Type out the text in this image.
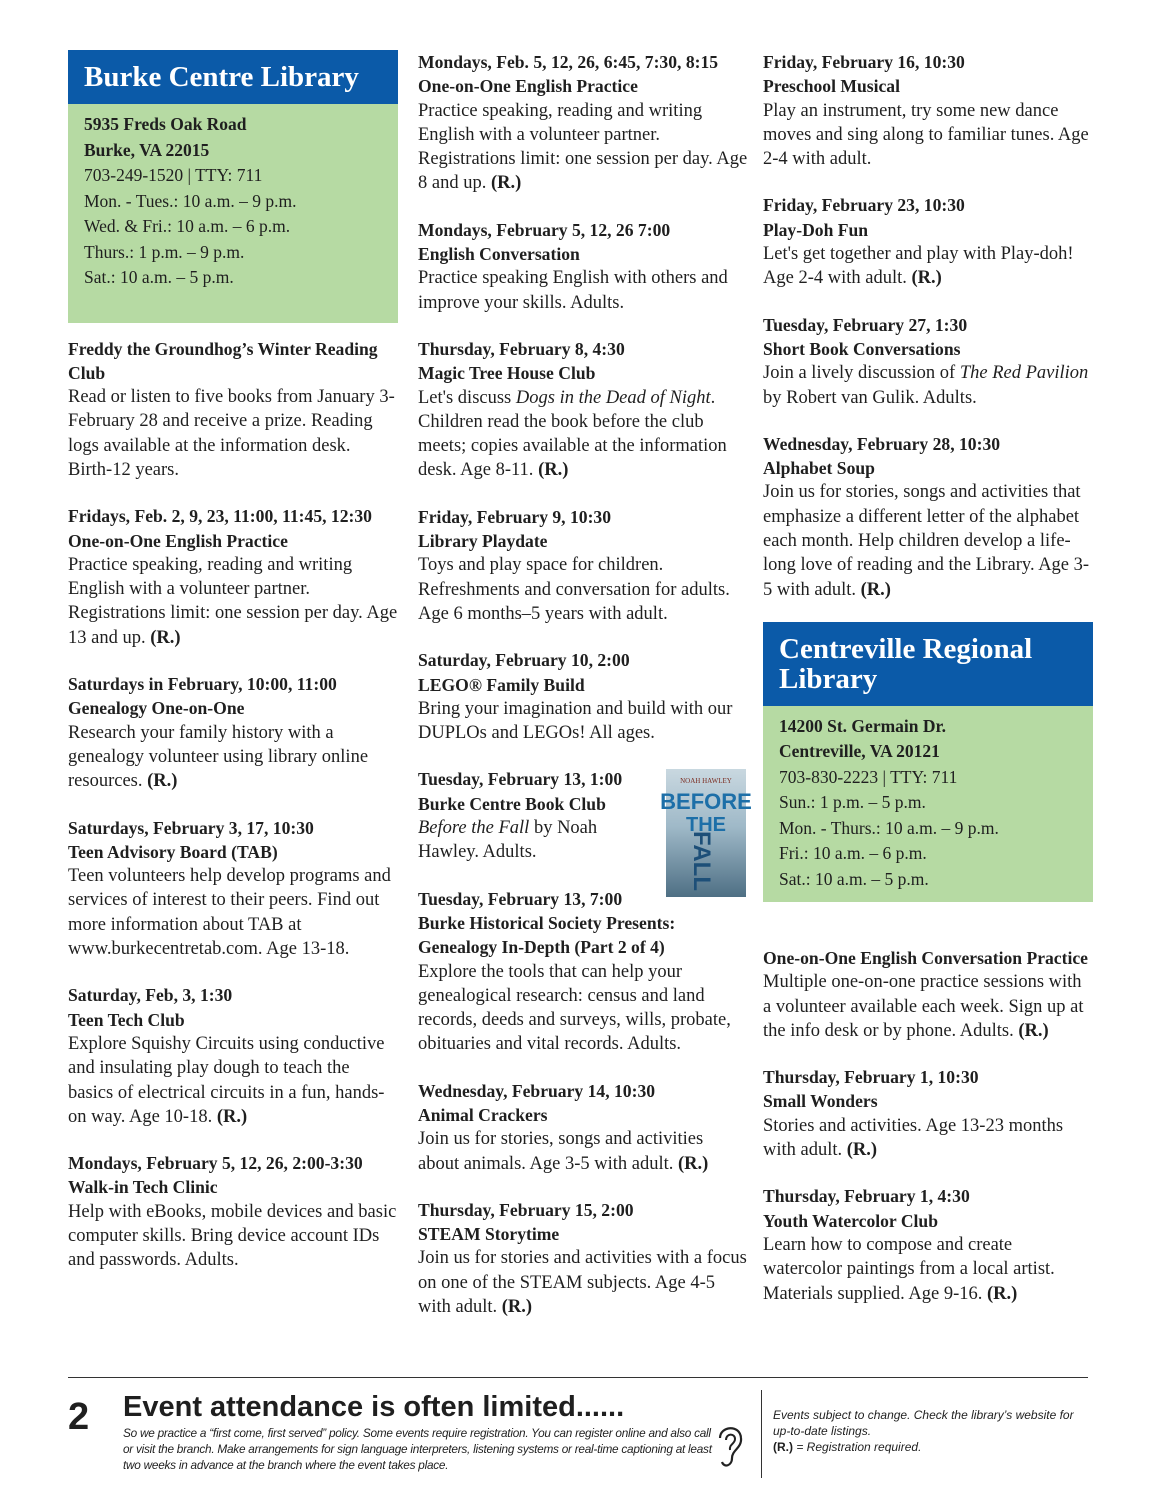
Burke Centre Library
5935 Freds Oak Road
Burke, VA 22015
703-249-1520 | TTY: 711
Mon. - Tues.: 10 a.m. – 9 p.m.
Wed. & Fri.: 10 a.m. – 6 p.m.
Thurs.: 1 p.m. – 9 p.m.
Sat.: 10 a.m. – 5 p.m.
Freddy the Groundhog’s Winter Reading Club

Read or listen to five books from January 3-February 28 and receive a prize. Reading logs available at the information desk. Birth-12 years.

Fridays, Feb. 2, 9, 23, 11:00, 11:45, 12:30
One-on-One English Practice

Practice speaking, reading and writing English with a volunteer partner. Registrations limit: one session per day. Age 13 and up. (R.)

Saturdays in February, 10:00, 11:00
Genealogy One-on-One

Research your family history with a genealogy volunteer using library online resources. (R.)

Saturdays, February 3, 17, 10:30
Teen Advisory Board (TAB)

Teen volunteers help develop programs and services of interest to their peers. Find out more information about TAB at www.burkecentretab.com. Age 13-18.

Saturday, Feb, 3, 1:30
Teen Tech Club

Explore Squishy Circuits using conductive and insulating play dough to teach the basics of electrical circuits in a fun, hands-on way. Age 10-18. (R.)

Mondays, February 5, 12, 26, 2:00-3:30
Walk-in Tech Clinic

Help with eBooks, mobile devices and basic computer skills. Bring device account IDs and passwords. Adults.

Mondays, Feb. 5, 12, 26, 6:45, 7:30, 8:15
One-on-One English Practice

Practice speaking, reading and writing English with a volunteer partner. Registrations limit: one session per day. Age 8 and up. (R.)

Mondays, February 5, 12, 26 7:00
English Conversation

Practice speaking English with others and improve your skills. Adults.

Thursday, February 8, 4:30
Magic Tree House Club

Let's discuss Dogs in the Dead of Night. Children read the book before the club meets; copies available at the information desk. Age 8-11. (R.)

Friday, February 9, 10:30
Library Playdate

Toys and play space for children. Refreshments and conversation for adults. Age 6 months–5 years with adult.

Saturday, February 10, 2:00
LEGO® Family Build

Bring your imagination and build with our DUPLOs and LEGOs! All ages.

Tuesday, February 13, 1:00
Burke Centre Book Club

Before the Fall by Noah Hawley. Adults.

NOAH HAWLEY
BEFORE
THE
FALL
Tuesday, February 13, 7:00
Burke Historical Society Presents: Genealogy In-Depth (Part 2 of 4)

Explore the tools that can help your genealogical research: census and land records, deeds and surveys, wills, probate, obituaries and vital records. Adults.

Wednesday, February 14, 10:30
Animal Crackers

Join us for stories, songs and activities about animals. Age 3-5 with adult. (R.)

Thursday, February 15, 2:00
STEAM Storytime

Join us for stories and activities with a focus on one of the STEAM subjects. Age 4-5 with adult. (R.)

Friday, February 16, 10:30
Preschool Musical

Play an instrument, try some new dance moves and sing along to familiar tunes. Age 2-4 with adult.

Friday, February 23, 10:30
Play-Doh Fun

Let's get together and play with Play-doh! Age 2-4 with adult. (R.)

Tuesday, February 27, 1:30
Short Book Conversations

Join a lively discussion of The Red Pavilion by Robert van Gulik. Adults.

Wednesday, February 28, 10:30
Alphabet Soup

Join us for stories, songs and activities that emphasize a different letter of the alphabet each month. Help children develop a life-long love of reading and the Library. Age 3-5 with adult. (R.)

Centreville Regional Library
14200 St. Germain Dr.
Centreville, VA 20121
703-830-2223 | TTY: 711
Sun.: 1 p.m. – 5 p.m.
Mon. - Thurs.: 10 a.m. – 9 p.m.
Fri.: 10 a.m. – 6 p.m.
Sat.: 10 a.m. – 5 p.m.
One-on-One English Conversation Practice

Multiple one-on-one practice sessions with a volunteer available each week. Sign up at the info desk or by phone. Adults. (R.)

Thursday, February 1, 10:30
Small Wonders

Stories and activities. Age 13-23 months with adult. (R.)

Thursday, February 1, 4:30
Youth Watercolor Club

Learn how to compose and create watercolor paintings from a local artist. Materials supplied. Age 9-16. (R.)

2 Event attendance is often limited......
So we practice a “first come, first served” policy. Some events require registration. You can register online and also call or visit the branch. Make arrangements for sign language interpreters, listening systems or real-time captioning at least two weeks in advance at the branch where the event takes place.
Events subject to change. Check the library’s website for up-to-date listings.
(R.) = Registration required.
